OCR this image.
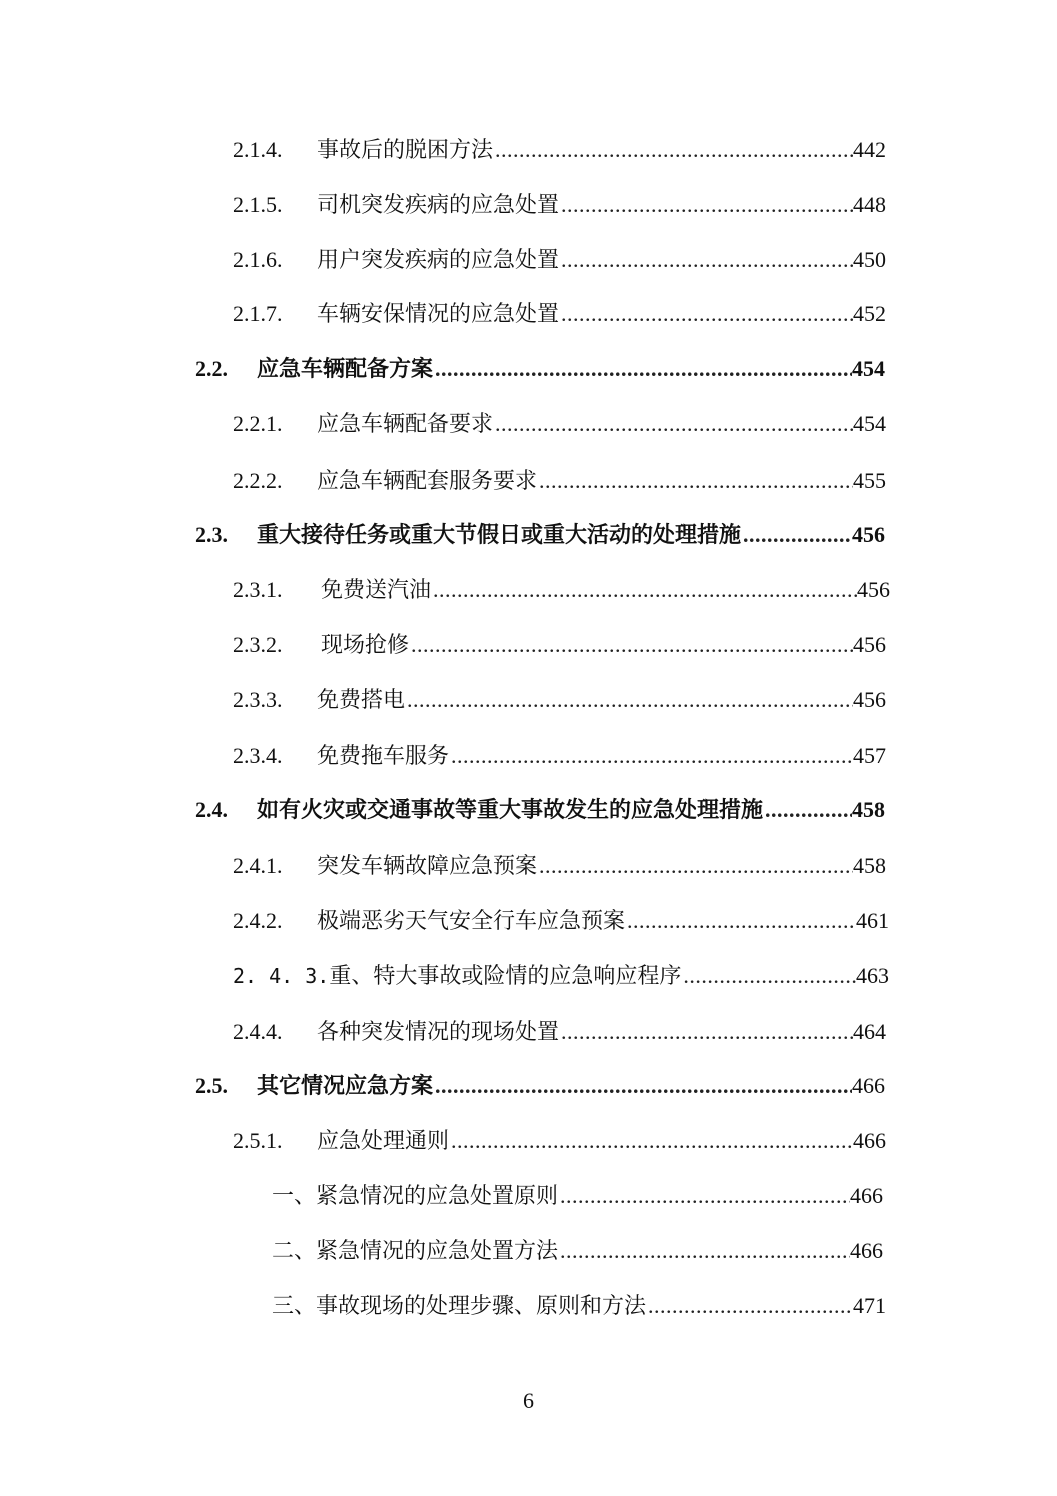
2.1.4.	事故后的脱困方法 .....	442
2.1.5.	司机突发疾病的应急处置 .....	448
2.1.6.	用户突发疾病的应急处置 .....	450
2.1.7.	车辆安保情况的应急处置 .....	452
2.2.	应急车辆配备方案 .....	454
2.2.1.	应急车辆配备要求 .....	454
2.2.2.	应急车辆配套服务要求 .....	455
2.3.	重大接待任务或重大节假日或重大活动的处理措施 .....	456
2.3.1.	免费送汽油 .....	456
2.3.2.	现场抢修 .....	456
2.3.3.	免费搭电 .....	456
2.3.4.	免费拖车服务 .....	457
2.4.	如有火灾或交通事故等重大事故发生的应急处理措施 .....	458
2.4.1.	突发车辆故障应急预案 .....	458
2.4.2.	极端恶劣天气安全行车应急预案 .....	461
2. 4. 3. 重、特大事故或险情的应急响应程序 .....	463
2.4.4.	各种突发情况的现场处置 .....	464
2.5.	其它情况应急方案 .....	466
2.5.1.	应急处理通则 .....	466
一、紧急情况的应急处置原则 .....	466
二、紧急情况的应急处置方法 .....	466
三、事故现场的处理步骤、原则和方法 .....	471
6
